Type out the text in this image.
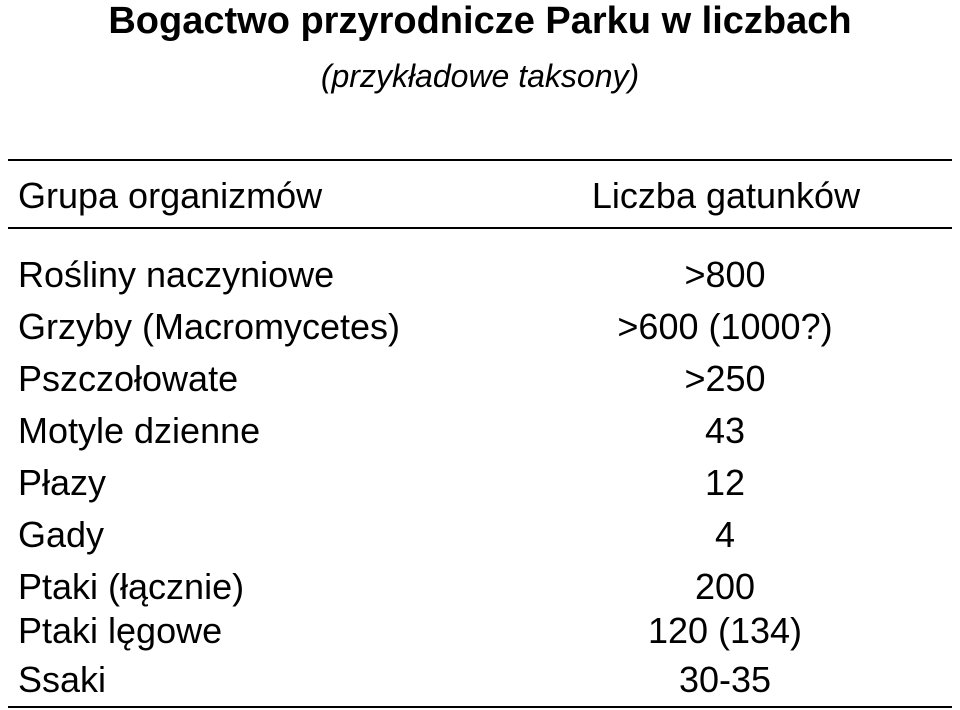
Bogactwo przyrodnicze Parku w liczbach
(przykładowe taksony)
Grupa organizmów	Liczba gatunków
Rośliny naczyniowe	>800
Grzyby (Macromycetes)	>600 (1000?)
Pszczołowate	>250
Motyle dzienne	43
Płazy	12
Gady	4
Ptaki (łącznie)	200
Ptaki lęgowe	120 (134)
Ssaki	30-35
